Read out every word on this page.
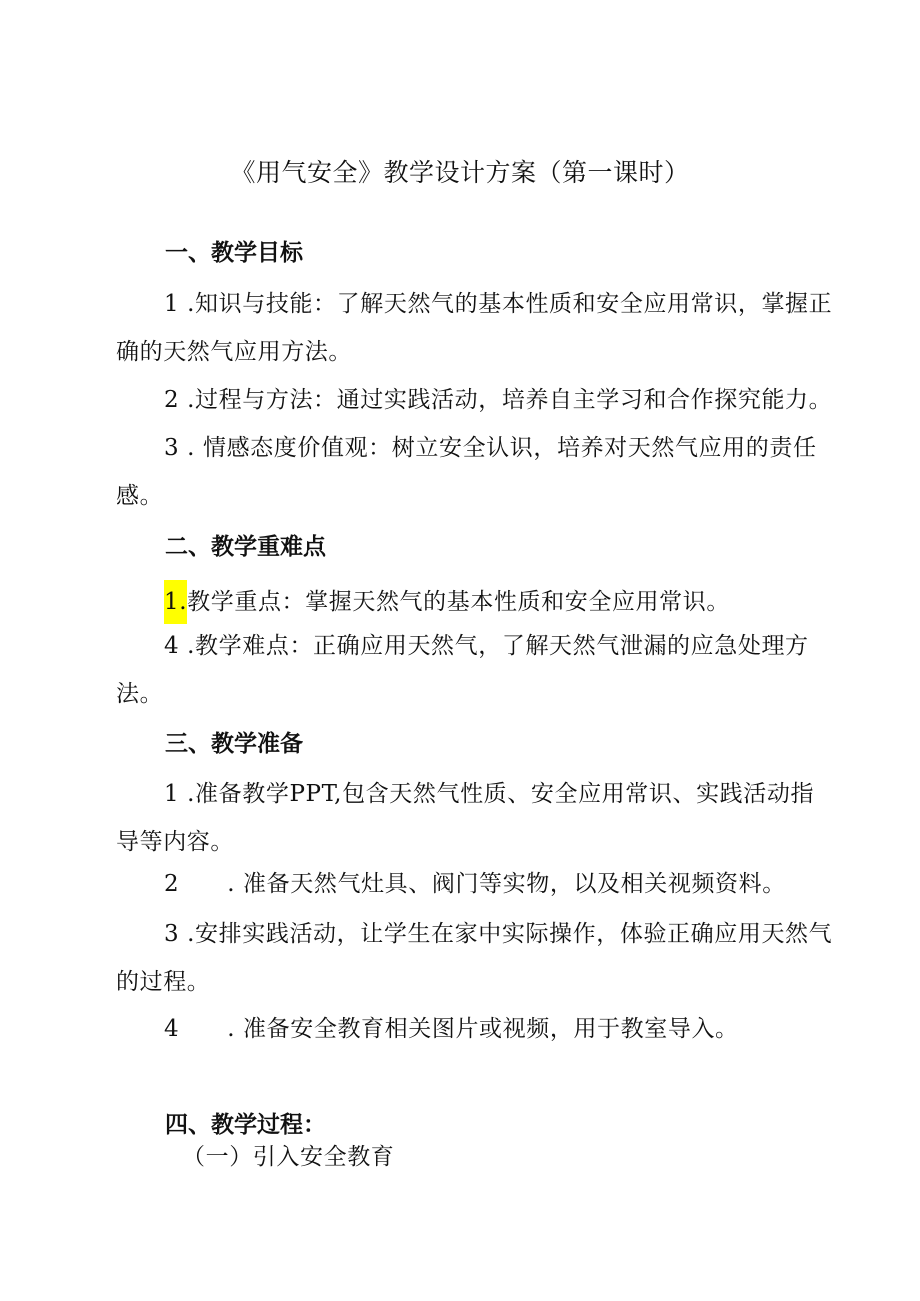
《用气安全》教学设计方案（第一课时）
一、教学目标
1 .知识与技能：了解天然气的基本性质和安全应用常识，掌握正确的天然气应用方法。
2 .过程与方法：通过实践活动，培养自主学习和合作探究能力。
3 . 情感态度价值观：树立安全认识，培养对天然气应用的责任感。
二、教学重难点
1.教学重点：掌握天然气的基本性质和安全应用常识。
4 .教学难点：正确应用天然气，了解天然气泄漏的应急处理方法。
三、教学准备
1 .准备教学PPT,包含天然气性质、安全应用常识、实践活动指导等内容。
2 . 准备天然气灶具、阀门等实物，以及相关视频资料。
3 .安排实践活动，让学生在家中实际操作，体验正确应用天然气的过程。
4 . 准备安全教育相关图片或视频，用于教室导入。
四、教学过程：
（一）引入安全教育
